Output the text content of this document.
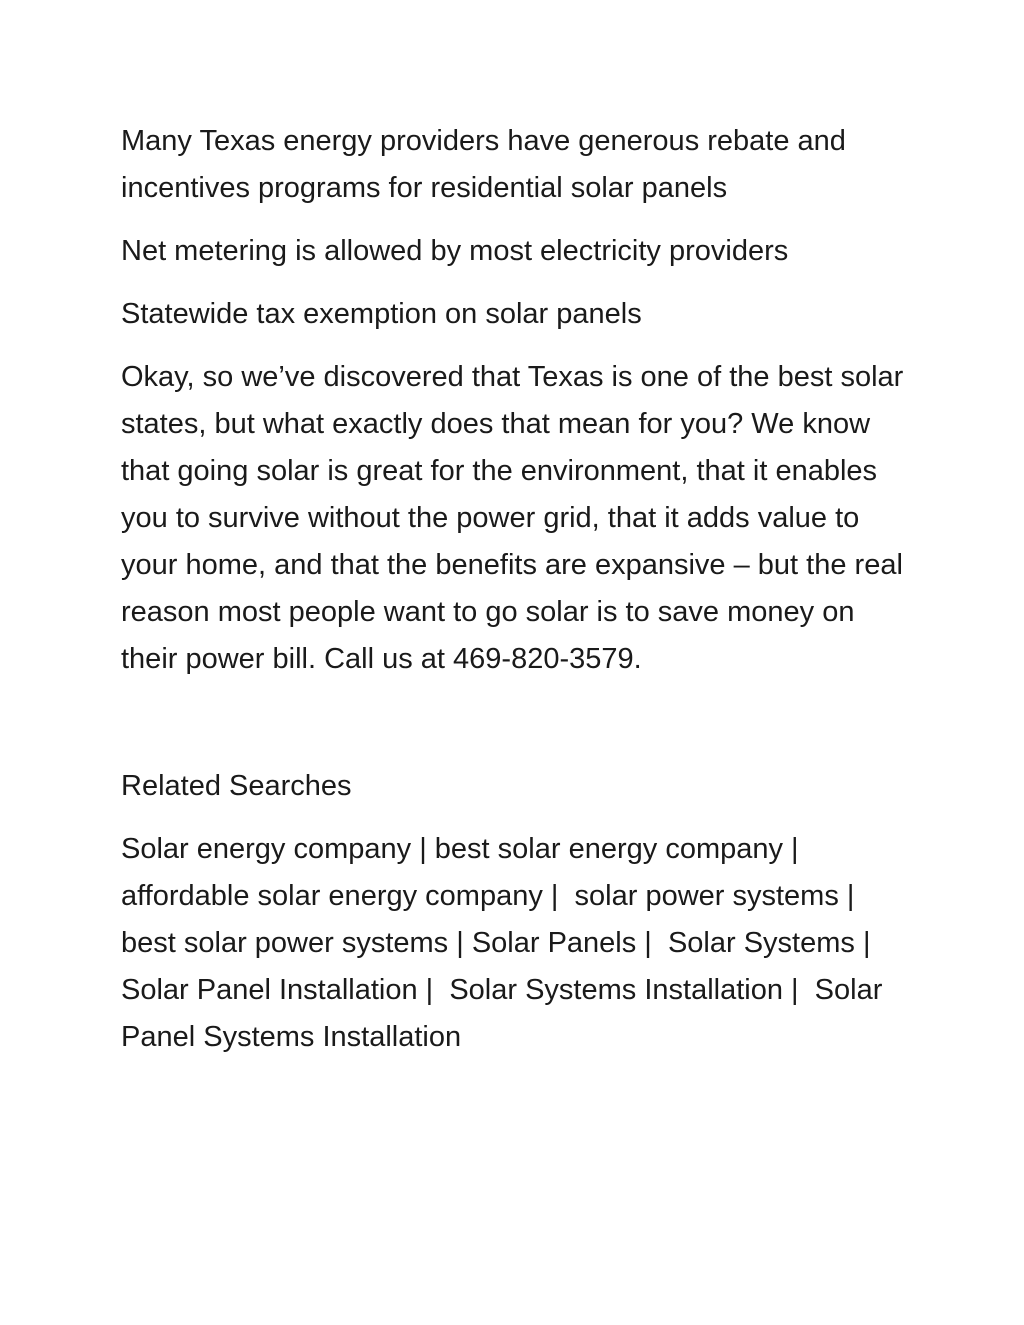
Many Texas energy providers have generous rebate and incentives programs for residential solar panels

Net metering is allowed by most electricity providers

Statewide tax exemption on solar panels

Okay, so we’ve discovered that Texas is one of the best solar states, but what exactly does that mean for you? We know that going solar is great for the environment, that it enables you to survive without the power grid, that it adds value to your home, and that the benefits are expansive – but the real reason most people want to go solar is to save money on their power bill. Call us at 469-820-3579.

Related Searches

Solar energy company | best solar energy company | affordable solar energy company |  solar power systems |  best solar power systems | Solar Panels |  Solar Systems |  Solar Panel Installation |  Solar Systems Installation |  Solar Panel Systems Installation
